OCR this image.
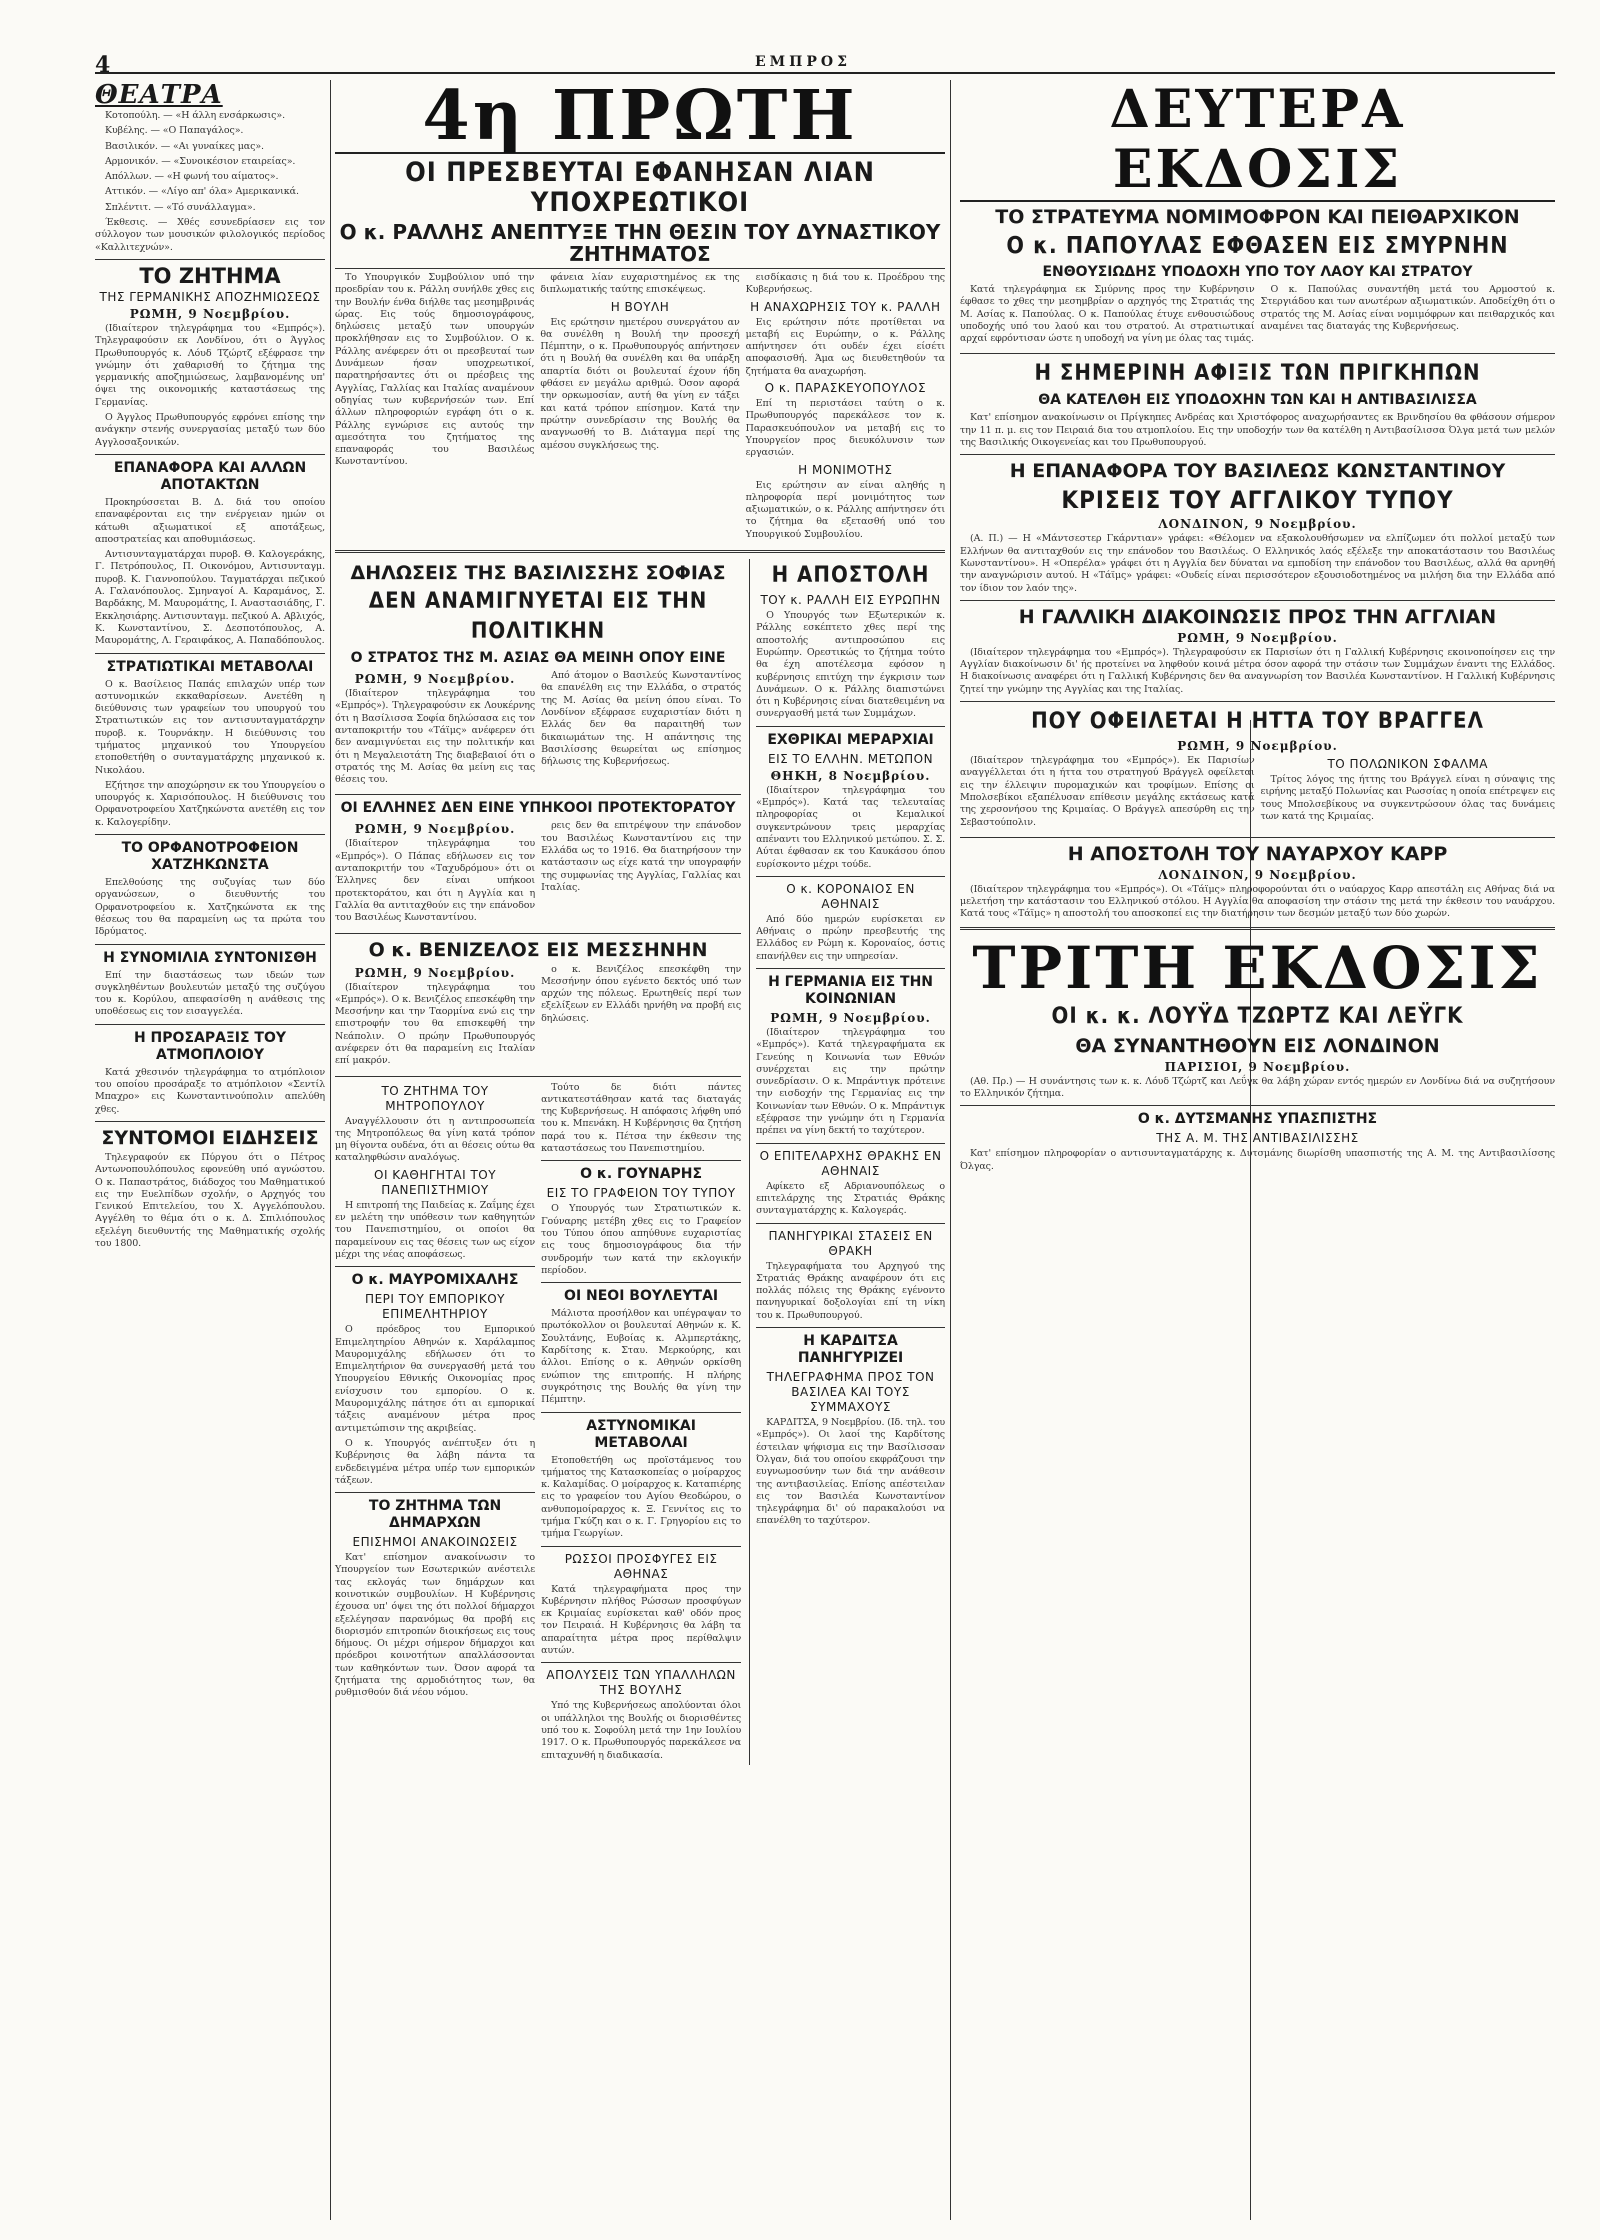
4	ΕΜΠΡΟΣ
ΘΕΑΤΡΑ

Κοτοπούλη. — «Η άλλη ενσάρκωσις».

Κυβέλης. — «Ο Παπαγάλος».

Βασιλικόν. — «Αι γυναίκες μας».

Αρμονικόν. — «Συνοικέσιον εταιρείας».

Απόλλων. — «Η φωνή του αίματος».

Αττικόν. — «Λίγο απ' όλα» Αμερικανικά.

Σπλέντιτ. — «Τό συνάλλαγμα».

Έκθεσις. — Χθές εσυνεδρίασεν εις τον σύλλογον των μουσικών φιλολογικός περίοδος «Καλλιτεχνών».

ΤΟ ΖΗΤΗΜΑ
ΤΗΣ ΓΕΡΜΑΝΙΚΗΣ ΑΠΟΖΗΜΙΩΣΕΩΣ
ΡΩΜΗ, 9 Νοεμβρίου.

(Ιδιαίτερον τηλεγράφημα του «Εμπρός»). Τηλεγραφούσιν εκ Λονδίνου, ότι ο Άγγλος Πρωθυπουργός κ. Λόυδ Τζώρτζ εξέφρασε την γνώμην ότι χαθαρισθή το ζήτημα της γερμανικής αποζημιώσεως, λαμβανομένης υπ' όψει της οικονομικής καταστάσεως της Γερμανίας.

Ο Άγγλος Πρωθυπουργός εφρόνει επίσης την ανάγκην στενής συνεργασίας μεταξύ των δύο Αγγλοσαξονικών.

ΕΠΑΝΑΦΟΡΑ ΚΑΙ ΑΛΛΩΝ ΑΠΟΤΑΚΤΩΝ

Προκηρύσσεται Β. Δ. διά του οποίου επαναφέρονται εις την ενέργειαν ημών οι κάτωθι αξιωματικοί εξ αποτάξεως, αποστρατείας και αποθυμιάσεως.

Αντισυνταγματάρχαι πυροβ. Θ. Καλογεράκης, Γ. Πετρόπουλος, Π. Οικονόμου, Αντισυνταγμ. πυροβ. Κ. Γιαννοπούλου. Ταγματάρχαι πεζικού Α. Γαλανόπουλος. Σμηναγοί Α. Καραμάνος, Σ. Βαρδάκης, Μ. Μαυρομάτης, Ι. Αναστασιάδης, Γ. Εκκλησιάρης. Αντισυνταγμ. πεζικού Α. Αβλιχός, Κ. Κωνσταντίνου, Σ. Δεσποτόπουλος, Α. Μαυρομάτης, Λ. Γεραιφάκος, Α. Παπαδόπουλος.

ΣΤΡΑΤΙΩΤΙΚΑΙ ΜΕΤΑΒΟΛΑΙ

Ο κ. Βασίλειος Παπάς επιλαχών υπέρ των αστυνομικών εκκαθαρίσεων. Ανετέθη η διεύθυνσις των γραφείων του υπουργού του Στρατιωτικών εις τον αντισυνταγματάρχην πυροβ. κ. Τουρνάκην. Η διεύθυνσις του τμήματος μηχανικού του Υπουργείου ετοποθετήθη ο συνταγματάρχης μηχανικού κ. Νικολάου.

Εζήτησε την αποχώρησιν εκ του Υπουργείου ο υπουργός κ. Χαρισόπουλος. Η διεύθυνσις του Ορφανοτροφείου Χατζηκώνστα ανετέθη εις τον κ. Καλογερίδην.

ΤΟ ΟΡΦΑΝΟΤΡΟΦΕΙΟΝ ΧΑΤΖΗΚΩΝΣΤΑ

Επελθούσης της συζυγίας των δύο οργανώσεων, ο διευθυντής του Ορφανοτροφείου κ. Χατζηκώνστα εκ της θέσεως του θα παραμείνη ως τα πρώτα του Ιδρύματος.

Η ΣΥΝΟΜΙΛΙΑ ΣΥΝΤΟΝΙΣΘΗ

Επί την διαστάσεως των ιδεών των συγκληθέντων βουλευτών μεταξύ της συζύγου του κ. Κορύλου, απεφασίσθη η ανάθεσις της υποθέσεως εις τον εισαγγελέα.

Η ΠΡΟΣΑΡΑΞΙΣ ΤΟΥ ΑΤΜΟΠΛΟΙΟΥ

Κατά χθεσινόν τηλεγράφημα το ατμόπλοιον του οποίου προσάραξε το ατμόπλοιον «Σεντίλ Μπαχρο» εις Κωνσταντινούπολιν απελύθη χθες.

ΣΥΝΤΟΜΟΙ ΕΙΔΗΣΕΙΣ

Τηλεγραφούν εκ Πύργου ότι ο Πέτρος Αντωνοπουλόπουλος εφονεύθη υπό αγνώστου. Ο κ. Παπαστράτος, διάδοχος του Μαθηματικού εις την Ευελπίδων σχολήν, ο Αρχηγός του Γενικού Επιτελείου, του Χ. Αγγελόπουλου. Αγγέλθη το θέμα ότι ο κ. Δ. Σπιλιόπουλος εξελέγη διευθυντής της Μαθηματικής σχολής του 1800.

4η ΠΡΩΤΗ
ΟΙ ΠΡΕΣΒΕΥΤΑΙ ΕΦΑΝΗΣΑΝ ΛΙΑΝ ΥΠΟΧΡΕΩΤΙΚΟΙ
Ο κ. ΡΑΛΛΗΣ ΑΝΕΠΤΥΞΕ ΤΗΝ ΘΕΣΙΝ ΤΟΥ ΔΥΝΑΣΤΙΚΟΥ ΖΗΤΗΜΑΤΟΣ

Το Υπουργικόν Συμβούλιον υπό την προεδρίαν του κ. Ράλλη συνήλθε χθες εις την Βουλήν ένθα διήλθε τας μεσημβρινάς ώρας. Εις τούς δημοσιογράφους, δηλώσεις μεταξύ των υπουργών προκλήθησαν εις το Συμβούλιον. Ο κ. Ράλλης ανέφερεν ότι οι πρεσβευταί των Δυνάμεων ήσαν υποχρεωτικοί, παρατηρήσαντες ότι οι πρέσβεις της Αγγλίας, Γαλλίας και Ιταλίας αναμένουν οδηγίας των κυβερνήσεών των. Επί άλλων πληροφοριών εγράφη ότι ο κ. Ράλλης εγνώρισε εις αυτούς την αμεσότητα του ζητήματος της επαναφοράς του Βασιλέως Κωνσταντίνου.

φάνεια λίαν ευχαριστημένος εκ της διπλωματικής ταύτης επισκέψεως.

Η ΒΟΥΛΗ

Εις ερώτησιν ημετέρου συνεργάτου αν θα συνέλθη η Βουλή την προσεχή Πέμπτην, ο κ. Πρωθυπουργός απήντησεν ότι η Βουλή θα συνέλθη και θα υπάρξη απαρτία διότι οι βουλευταί έχουν ήδη φθάσει εν μεγάλω αριθμώ. Όσον αφορά την ορκωμοσίαν, αυτή θα γίνη εν τάξει και κατά τρόπον επίσημον. Κατά την πρώτην συνεδρίασιν της Βουλής θα αναγνωσθή το Β. Διάταγμα περί της αμέσου συγκλήσεως της.

εισδίκασις η διά του κ. Προέδρου της Κυβερνήσεως.

Η ΑΝΑΧΩΡΗΣΙΣ ΤΟΥ κ. ΡΑΛΛΗ

Εις ερώτησιν πότε προτίθεται να μεταβή εις Ευρώπην, ο κ. Ράλλης απήντησεν ότι ουδέν έχει είσέτι αποφασισθή. Άμα ως διευθετηθούν τα ζητήματα θα αναχωρήση.

Ο κ. ΠΑΡΑΣΚΕΥΟΠΟΥΛΟΣ

Επί τη περιστάσει ταύτη ο κ. Πρωθυπουργός παρεκάλεσε τον κ. Παρασκευόπουλον να μεταβή εις το Υπουργείον προς διευκόλυνσιν των εργασιών.

Η ΜΟΝΙΜΟΤΗΣ

Εις ερώτησιν αν είναι αληθής η πληροφορία περί μονιμότητος των αξιωματικών, ο κ. Ράλλης απήντησεν ότι το ζήτημα θα εξετασθή υπό του Υπουργικού Συμβουλίου.

ΔΗΛΩΣΕΙΣ ΤΗΣ ΒΑΣΙΛΙΣΣΗΣ ΣΟΦΙΑΣ
ΔΕΝ ΑΝΑΜΙΓΝΥΕΤΑΙ ΕΙΣ ΤΗΝ ΠΟΛΙΤΙΚΗΝ
Ο ΣΤΡΑΤΟΣ ΤΗΣ Μ. ΑΣΙΑΣ ΘΑ ΜΕΙΝΗ ΟΠΟΥ ΕΙΝΕ
ΡΩΜΗ, 9 Νοεμβρίου.

(Ιδιαίτερον τηλεγράφημα του «Εμπρός»). Τηλεγραφούσιν εκ Λουκέρνης ότι η Βασίλισσα Σοφία δηλώσασα εις τον ανταποκριτήν του «Τάϊμς» ανέφερεν ότι δεν αναμιγνύεται εις την πολιτικήν και ότι η Μεγαλειοτάτη Της διαβεβαιοί ότι ο στρατός της Μ. Ασίας θα μείνη εις τας θέσεις του.

Από άτομον ο Βασιλεύς Κωνσταντίνος θα επανέλθη εις την Ελλάδα, ο στρατός της Μ. Ασίας θα μείνη όπου είναι. Το Λονδίνον εξέφρασε ευχαριστίαν διότι η Ελλάς δεν θα παραιτηθή των δικαιωμάτων της. Η απάντησις της Βασιλίσσης θεωρείται ως επίσημος δήλωσις της Κυβερνήσεως.

ΟΙ ΕΛΛΗΝΕΣ ΔΕΝ ΕΙΝΕ ΥΠΗΚΟΟΙ ΠΡΟΤΕΚΤΟΡΑΤΟΥ
ΡΩΜΗ, 9 Νοεμβρίου.

(Ιδιαίτερον τηλεγράφημα του «Εμπρός»). Ο Πάπας εδήλωσεν εις τον ανταποκριτήν του «Ταχυδρόμου» ότι οι Έλληνες δεν είναι υπήκοοι προτεκτοράτου, και ότι η Αγγλία και η Γαλλία θα αντιταχθούν εις την επάνοδον του Βασιλέως Κωνσταντίνου.

ρεις δεν θα επιτρέψουν την επάνοδον του Βασιλέως Κωνσταντίνου εις την Ελλάδα ως το 1916. Θα διατηρήσουν την κατάστασιν ως είχε κατά την υπογραφήν της συμφωνίας της Αγγλίας, Γαλλίας και Ιταλίας.

Ο κ. ΒΕΝΙΖΕΛΟΣ ΕΙΣ ΜΕΣΣΗΝΗΝ
ΡΩΜΗ, 9 Νοεμβρίου.

(Ιδιαίτερον τηλεγράφημα του «Εμπρός»). Ο κ. Βενιζέλος επεσκέφθη την Μεσσήνην και την Ταορμίνα ενώ εις την επιστροφήν του θα επισκεφθή την Νεάπολιν. Ο πρώην Πρωθυπουργός ανέφερεν ότι θα παραμείνη εις Ιταλίαν επί μακρόν.

ο κ. Βενιζέλος επεσκέφθη την Μεσσήνην όπου εγένετο δεκτός υπό των αρχών της πόλεως. Ερωτηθείς περί των εξελίξεων εν Ελλάδι ηρνήθη να προβή εις δηλώσεις.

ΤΟ ΖΗΤΗΜΑ ΤΟΥ ΜΗΤΡΟΠΟΥΛΟΥ

Αναγγέλλουσιν ότι η αντιπροσωπεία της Μητροπόλεως θα γίνη κατά τρόπον μη θίγοντα ουδένα, ότι αι θέσεις ούτω θα καταληφθώσιν αναλόγως.

ΟΙ ΚΑΘΗΓΗΤΑΙ ΤΟΥ ΠΑΝΕΠΙΣΤΗΜΙΟΥ

Η επιτροπή της Παιδείας κ. Ζαΐμης έχει εν μελέτη την υπόθεσιν των καθηγητών του Πανεπιστημίου, οι οποίοι θα παραμείνουν εις τας θέσεις των ως είχον μέχρι της νέας αποφάσεως.

Ο κ. ΜΑΥΡΟΜΙΧΑΛΗΣ
ΠΕΡΙ ΤΟΥ ΕΜΠΟΡΙΚΟΥ ΕΠΙΜΕΛΗΤΗΡΙΟΥ

Ο πρόεδρος του Εμπορικού Επιμελητηρίου Αθηνών κ. Χαράλαμπος Μαυρομιχάλης εδήλωσεν ότι το Επιμελητήριον θα συνεργασθή μετά του Υπουργείου Εθνικής Οικονομίας προς ενίσχυσιν του εμπορίου. Ο κ. Μαυρομιχάλης πάτησε ότι αι εμπορικαί τάξεις αναμένουν μέτρα προς αντιμετώπισιν της ακριβείας.

Ο κ. Υπουργός ανέπτυξεν ότι η Κυβέρνησις θα λάβη πάντα τα ενδεδειγμένα μέτρα υπέρ των εμπορικών τάξεων.

ΤΟ ΖΗΤΗΜΑ ΤΩΝ ΔΗΜΑΡΧΩΝ
ΕΠΙΣΗΜΟΙ ΑΝΑΚΟΙΝΩΣΕΙΣ

Κατ' επίσημον ανακοίνωσιν το Υπουργείον των Εσωτερικών ανέστειλε τας εκλογάς των δημάρχων και κοινοτικών συμβουλίων. Η Κυβέρνησις έχουσα υπ' όψει της ότι πολλοί δήμαρχοι εξελέγησαν παρανόμως θα προβή εις διορισμόν επιτροπών διοικήσεως εις τους δήμους. Οι μέχρι σήμερον δήμαρχοι και πρόεδροι κοινοτήτων απαλλάσσονται των καθηκόντων των. Όσον αφορά τα ζητήματα της αρμοδιότητος των, θα ρυθμισθούν διά νέου νόμου.

Τούτο δε διότι πάντες αντικατεστάθησαν κατά τας διαταγάς της Κυβερνήσεως. Η απόφασις λήφθη υπό του κ. Μπενάκη. Η Κυβέρνησις θα ζητήση παρά του κ. Πέτσα την έκθεσιν της καταστάσεως του Πανεπιστημίου.

Ο κ. ΓΟΥΝΑΡΗΣ
ΕΙΣ ΤΟ ΓΡΑΦΕΙΟΝ ΤΟΥ ΤΥΠΟΥ

Ο Υπουργός των Στρατιωτικών κ. Γούναρης μετέβη χθες εις το Γραφείον του Τύπου όπου απηύθυνε ευχαριστίας εις τους δημοσιογράφους δια τήν συνδρομήν των κατά την εκλογικήν περίοδον.

ΟΙ ΝΕΟΙ ΒΟΥΛΕΥΤΑΙ

Μάλιστα προσήλθον και υπέγραψαν το πρωτόκολλον οι βουλευταί Αθηνών κ. Κ. Σουλτάνης, Ευβοίας κ. Αλμπερτάκης, Καρδίτσης κ. Σταυ. Μερκούρης, και άλλοι. Επίσης ο κ. Αθηνών ορκίσθη ενώπιον της επιτροπής. Η πλήρης συγκρότησις της Βουλής θα γίνη την Πέμπτην.

ΑΣΤΥΝΟΜΙΚΑΙ ΜΕΤΑΒΟΛΑΙ

Ετοποθετήθη ως προϊστάμενος του τμήματος της Κατασκοπείας ο μοίραρχος κ. Καλαμίδας. Ο μοίραρχος κ. Καταπιέρης εις το γραφείον του Αγίου Θεοδώρου, ο ανθυπομοίραρχος κ. Ξ. Γεννίτος εις το τμήμα Γκύζη και ο κ. Γ. Γρηγορίου εις το τμήμα Γεωργίων.

ΡΩΣΣΟΙ ΠΡΟΣΦΥΓΕΣ ΕΙΣ ΑΘΗΝΑΣ

Κατά τηλεγραφήματα προς την Κυβέρνησιν πλήθος Ρώσσων προσφύγων εκ Κριμαίας ευρίσκεται καθ' οδόν προς τον Πειραιά. Η Κυβέρνησις θα λάβη τα απαραίτητα μέτρα προς περίθαλψιν αυτών.

ΑΠΟΛΥΣΕΙΣ ΤΩΝ ΥΠΑΛΛΗΛΩΝ ΤΗΣ ΒΟΥΛΗΣ

Υπό της Κυβερνήσεως απολύονται όλοι οι υπάλληλοι της Βουλής οι διορισθέντες υπό του κ. Σοφούλη μετά την 1ην Ιουλίου 1917. Ο κ. Πρωθυπουργός παρεκάλεσε να επιταχυνθή η διαδικασία.

Η ΑΠΟΣΤΟΛΗ
ΤΟΥ κ. ΡΑΛΛΗ ΕΙΣ ΕΥΡΩΠΗΝ

Ο Υπουργός των Εξωτερικών κ. Ράλλης εσκέπτετο χθες περί της αποστολής αντιπροσώπου εις Ευρώπην. Ορεστικώς το ζήτημα τούτο θα έχη αποτέλεσμα εφόσον η κυβέρνησις επιτύχη την έγκρισιν των Δυνάμεων. Ο κ. Ράλλης διαπιστώνει ότι η Κυβέρνησις είναι διατεθειμένη να συνεργασθή μετά των Συμμάχων.

ΕΧΘΡΙΚΑΙ ΜΕΡΑΡΧΙΑΙ
ΕΙΣ ΤΟ ΕΛΛΗΝ. ΜΕΤΩΠΟΝ
ΘΗΚΗ, 8 Νοεμβρίου.

(Ιδιαίτερον τηλεγράφημα του «Εμπρός»). Κατά τας τελευταίας πληροφορίας οι Κεμαλικοί συγκεντρώνουν τρεις μεραρχίας απέναντι του Ελληνικού μετώπου. Σ. Σ. Αύται έφθασαν εκ του Καυκάσου όπου ευρίσκοντο μέχρι τούδε.

Ο κ. ΚΟΡΟΝΑΙΟΣ ΕΝ ΑΘΗΝΑΙΣ

Από δύο ημερών ευρίσκεται εν Αθήναις ο πρώην πρεσβευτής της Ελλάδος εν Ρώμη κ. Κοροναίος, όστις επανήλθεν εις την υπηρεσίαν.

Η ΓΕΡΜΑΝΙΑ ΕΙΣ ΤΗΝ ΚΟΙΝΩΝΙΑΝ
ΡΩΜΗ, 9 Νοεμβρίου.

(Ιδιαίτερον τηλεγράφημα του «Εμπρός»). Κατά τηλεγραφήματα εκ Γενεύης η Κοινωνία των Εθνών συνέρχεται εις την πρώτην συνεδρίασιν. Ο κ. Μπράντιγκ πρότεινε την εισδοχήν της Γερμανίας εις την Κοινωνίαν των Εθνών. Ο κ. Μπράντιγκ εξέφρασε την γνώμην ότι η Γερμανία πρέπει να γίνη δεκτή το ταχύτερον.

Ο ΕΠΙΤΕΛΑΡΧΗΣ ΘΡΑΚΗΣ ΕΝ ΑΘΗΝΑΙΣ

Αφίκετο εξ Αδριανουπόλεως ο επιτελάρχης της Στρατιάς Θράκης συνταγματάρχης κ. Καλογεράς.

ΠΑΝΗΓΥΡΙΚΑΙ ΣΤΑΣΕΙΣ ΕΝ ΘΡΑΚΗ

Τηλεγραφήματα του Αρχηγού της Στρατιάς Θράκης αναφέρουν ότι εις πολλάς πόλεις της Θράκης εγένοντο πανηγυρικαί δοξολογίαι επί τη νίκη του κ. Πρωθυπουργού.

Η ΚΑΡΔΙΤΣΑ ΠΑΝΗΓΥΡΙΖΕΙ
ΤΗΛΕΓΡΑΦΗΜΑ ΠΡΟΣ ΤΟΝ ΒΑΣΙΛΕΑ ΚΑΙ ΤΟΥΣ ΣΥΜΜΑΧΟΥΣ

ΚΑΡΔΙΤΣΑ, 9 Νοεμβρίου. (Ιδ. τηλ. του «Εμπρός»). Οι λαοί της Καρδίτσης έστειλαν ψήφισμα εις την Βασίλισσαν Όλγαν, διά του οποίου εκφράζουσι την ευγνωμοσύνην των διά την ανάθεσιν της αντιβασιλείας. Επίσης απέστειλαν εις τον Βασιλέα Κωνσταντίνον τηλεγράφημα δι' ού παρακαλούσι να επανέλθη το ταχύτερον.

ΔΕΥΤΕΡΑ ΕΚΔΟΣΙΣ
ΤΟ ΣΤΡΑΤΕΥΜΑ ΝΟΜΙΜΟΦΡΟΝ ΚΑΙ ΠΕΙΘΑΡΧΙΚΟΝ
Ο κ. ΠΑΠΟΥΛΑΣ ΕΦΘΑΣΕΝ ΕΙΣ ΣΜΥΡΝΗΝ
ΕΝΘΟΥΣΙΩΔΗΣ ΥΠΟΔΟΧΗ ΥΠΟ ΤΟΥ ΛΑΟΥ ΚΑΙ ΣΤΡΑΤΟΥ

Κατά τηλεγράφημα εκ Σμύρνης προς την Κυβέρνησιν έφθασε το χθες την μεσημβρίαν ο αρχηγός της Στρατιάς της Μ. Ασίας κ. Παπούλας. Ο κ. Παπούλας έτυχε ενθουσιώδους υποδοχής υπό του λαού και του στρατού. Αι στρατιωτικαί αρχαί εφρόντισαν ώστε η υποδοχή να γίνη με όλας τας τιμάς.

Ο κ. Παπούλας συναντήθη μετά του Αρμοστού κ. Στεργιάδου και των ανωτέρων αξιωματικών. Αποδείχθη ότι ο στρατός της Μ. Ασίας είναι νομιμόφρων και πειθαρχικός και αναμένει τας διαταγάς της Κυβερνήσεως.

Η ΣΗΜΕΡΙΝΗ ΑΦΙΞΙΣ ΤΩΝ ΠΡΙΓΚΗΠΩΝ
ΘΑ ΚΑΤΕΛΘΗ ΕΙΣ ΥΠΟΔΟΧΗΝ ΤΩΝ ΚΑΙ Η ΑΝΤΙΒΑΣΙΛΙΣΣΑ

Κατ' επίσημον ανακοίνωσιν οι Πρίγκηπες Ανδρέας και Χριστόφορος αναχωρήσαντες εκ Βρινδησίου θα φθάσουν σήμερον την 11 π. μ. εις τον Πειραιά δια του ατμοπλοίου. Εις την υποδοχήν των θα κατέλθη η Αντιβασίλισσα Όλγα μετά των μελών της Βασιλικής Οικογενείας και του Πρωθυπουργού.

Η ΕΠΑΝΑΦΟΡΑ ΤΟΥ ΒΑΣΙΛΕΩΣ ΚΩΝΣΤΑΝΤΙΝΟΥ
ΚΡΙΣΕΙΣ ΤΟΥ ΑΓΓΛΙΚΟΥ ΤΥΠΟΥ
ΛΟΝΔΙΝΟΝ, 9 Νοεμβρίου.

(Α. Π.) — Η «Μάντσεστερ Γκάρντιαν» γράφει: «Θέλομεν να εξακολουθήσωμεν να ελπίζωμεν ότι πολλοί μεταξύ των Ελλήνων θα αντιταχθούν εις την επάνοδον του Βασιλέως. Ο Ελληνικός λαός εξέλεξε την αποκατάστασιν του Βασιλέως Κωνσταντίνου». Η «Οπερέλα» γράφει ότι η Αγγλία δεν δύναται να εμποδίση την επάνοδον του Βασιλέως, αλλά θα αρνηθή την αναγνώρισιν αυτού. Η «Τάϊμς» γράφει: «Ουδείς είναι περισσότερον εξουσιοδοτημένος να μιλήση δια την Ελλάδα από τον ίδιον τον λαόν της».

Η ΓΑΛΛΙΚΗ ΔΙΑΚΟΙΝΩΣΙΣ ΠΡΟΣ ΤΗΝ ΑΓΓΛΙΑΝ
ΡΩΜΗ, 9 Νοεμβρίου.

(Ιδιαίτερον τηλεγράφημα του «Εμπρός»). Τηλεγραφούσιν εκ Παρισίων ότι η Γαλλική Κυβέρνησις εκοινοποίησεν εις την Αγγλίαν διακοίνωσιν δι' ής προτείνει να ληφθούν κοινά μέτρα όσον αφορά την στάσιν των Συμμάχων έναντι της Ελλάδος. Η διακοίνωσις αναφέρει ότι η Γαλλική Κυβέρνησις δεν θα αναγνωρίση τον Βασιλέα Κωνσταντίνον. Η Γαλλική Κυβέρνησις ζητεί την γνώμην της Αγγλίας και της Ιταλίας.

ΠΟΥ ΟΦΕΙΛΕΤΑΙ Η ΗΤΤΑ ΤΟΥ ΒΡΑΓΓΕΛ
ΡΩΜΗ, 9 Νοεμβρίου.

(Ιδιαίτερον τηλεγράφημα του «Εμπρός»). Εκ Παρισίων αναγγέλλεται ότι η ήττα του στρατηγού Βράγγελ οφείλεται εις την έλλειψιν πυρομαχικών και τροφίμων. Επίσης οι Μπολσεβίκοι εξαπέλυσαν επίθεσιν μεγάλης εκτάσεως κατά της χερσονήσου της Κριμαίας. Ο Βράγγελ απεσύρθη εις την Σεβαστούπολιν.

ΤΟ ΠΟΛΩΝΙΚΟΝ ΣΦΑΛΜΑ

Τρίτος λόγος της ήττης του Βράγγελ είναι η σύναψις της ειρήνης μεταξύ Πολωνίας και Ρωσσίας η οποία επέτρεψεν εις τους Μπολσεβίκους να συγκεντρώσουν όλας τας δυνάμεις των κατά της Κριμαίας.

Η ΑΠΟΣΤΟΛΗ ΤΟΥ ΝΑΥΑΡΧΟΥ ΚΑΡΡ
ΛΟΝΔΙΝΟΝ, 9 Νοεμβρίου.

(Ιδιαίτερον τηλεγράφημα του «Εμπρός»). Οι «Τάϊμς» πληροφορούνται ότι ο ναύαρχος Καρρ απεστάλη εις Αθήνας διά να μελετήση την κατάστασιν του Ελληνικού στόλου. Η Αγγλία θα αποφασίση την στάσιν της μετά την έκθεσιν του ναυάρχου. Κατά τους «Τάϊμς» η αποστολή του αποσκοπεί εις την διατήρησιν των δεσμών μεταξύ των δύο χωρών.

ΤΡΙΤΗ ΕΚΔΟΣΙΣ
ΟΙ κ. κ. ΛΟΥΫΔ ΤΖΩΡΤΖ ΚΑΙ ΛΕΫΓΚ
ΘΑ ΣΥΝΑΝΤΗΘΟΥΝ ΕΙΣ ΛΟΝΔΙΝΟΝ
ΠΑΡΙΣΙΟΙ, 9 Νοεμβρίου.

(Αθ. Πρ.) — Η συνάντησις των κ. κ. Λόυδ Τζώρτζ και Λεΰγκ θα λάβη χώραν εντός ημερών εν Λονδίνω διά να συζητήσουν το Ελληνικόν ζήτημα.

Ο κ. ΔΥΤΣΜΑΝΗΣ ΥΠΑΣΠΙΣΤΗΣ
ΤΗΣ Α. Μ. ΤΗΣ ΑΝΤΙΒΑΣΙΛΙΣΣΗΣ

Κατ' επίσημον πληροφορίαν ο αντισυνταγματάρχης κ. Δυτσμάνης διωρίσθη υπασπιστής της Α. Μ. της Αντιβασιλίσσης Όλγας.
